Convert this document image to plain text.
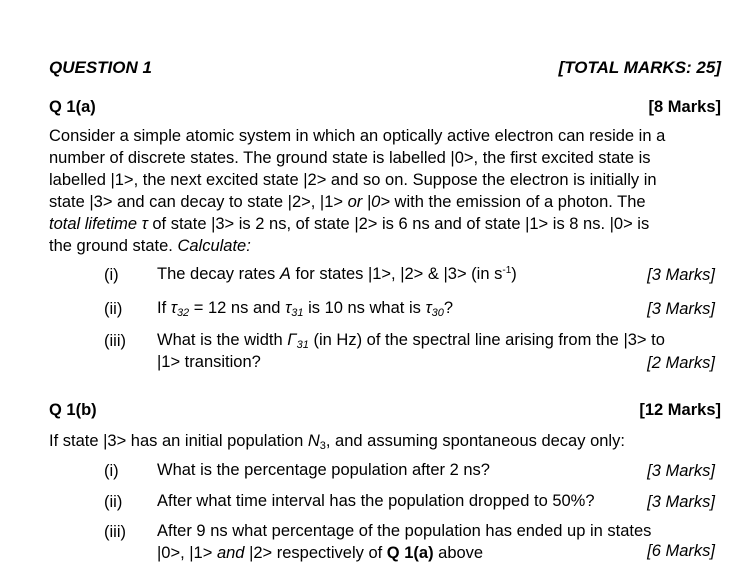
QUESTION 1	[TOTAL MARKS: 25]
Q 1(a)	[8 Marks]
Consider a simple atomic system in which an optically active electron can reside in a
number of discrete states. The ground state is labelled |0>, the first excited state is
labelled |1>, the next excited state |2> and so on. Suppose the electron is initially in
state |3> and can decay to state |2>, |1> or |0> with the emission of a photon. The
total lifetime τ of state |3> is 2 ns, of state |2> is 6 ns and of state |1> is 8 ns. |0> is
the ground state. Calculate:
(i) The decay rates A for states |1>, |2> & |3> (in $s^{-1}$)	[3 Marks]
(ii) If $\tau_{32} = 12$ ns and $\tau_{31}$ is 10 ns what is $\tau_{30}$?	[3 Marks]
(iii) What is the width $\Gamma_{31}$ (in Hz) of the spectral line arising from the |3> to
|1> transition?	[2 Marks]
Q 1(b)	[12 Marks]
If state |3> has an initial population $N_3$, and assuming spontaneous decay only:
(i) What is the percentage population after 2 ns?	[3 Marks]
(ii) After what time interval has the population dropped to 50%?	[3 Marks]
(iii) After 9 ns what percentage of the population has ended up in states
|0>, |1> and |2> respectively of Q 1(a) above	[6 Marks]
